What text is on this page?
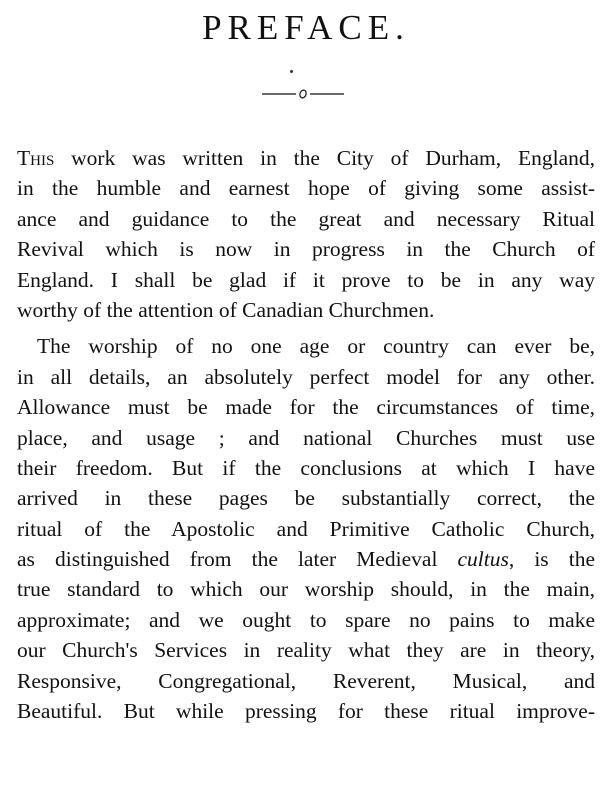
PREFACE.
This work was written in the City of Durham, England,
in the humble and earnest hope of giving some assist-
ance and guidance to the great and necessary Ritual
Revival which is now in progress in the Church of
England. I shall be glad if it prove to be in any way
worthy of the attention of Canadian Churchmen.
The worship of no one age or country can ever be,
in all details, an absolutely perfect model for any other.
Allowance must be made for the circumstances of time,
place, and usage ; and national Churches must use
their freedom. But if the conclusions at which I have
arrived in these pages be substantially correct, the
ritual of the Apostolic and Primitive Catholic Church,
as distinguished from the later Medieval cultus, is the
true standard to which our worship should, in the main,
approximate; and we ought to spare no pains to make
our Church's Services in reality what they are in theory,
Responsive, Congregational, Reverent, Musical, and
Beautiful. But while pressing for these ritual improve-
